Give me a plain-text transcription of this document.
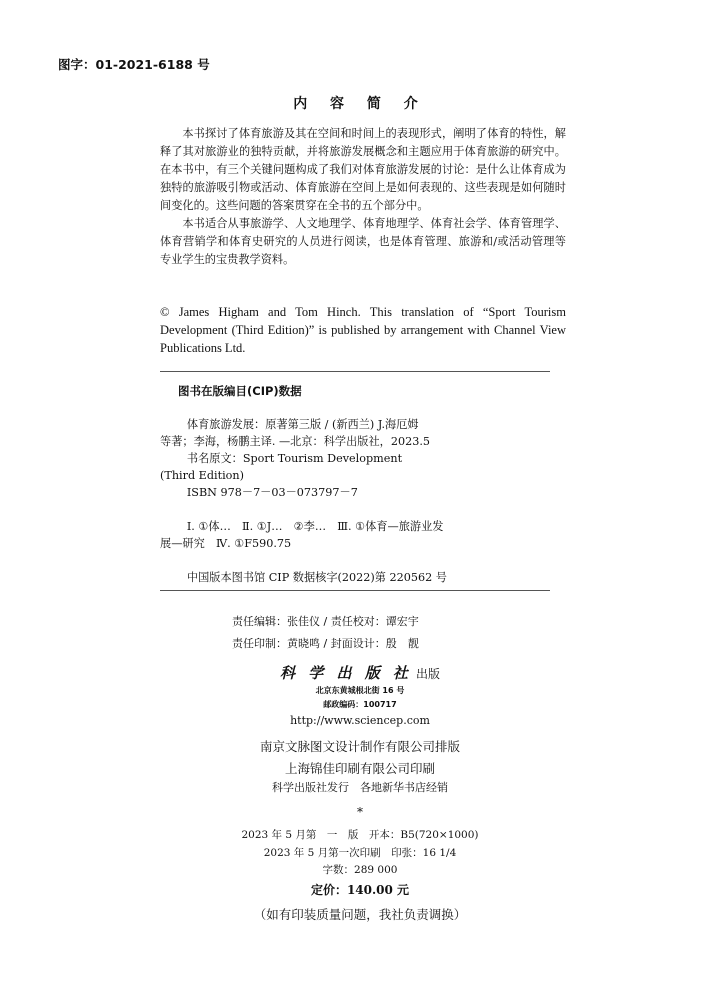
图字：01-2021-6188 号
内 容 简 介

本书探讨了体育旅游及其在空间和时间上的表现形式，阐明了体育的特性，解释了其对旅游业的独特贡献，并将旅游发展概念和主题应用于体育旅游的研究中。在本书中，有三个关键问题构成了我们对体育旅游发展的讨论：是什么让体育成为独特的旅游吸引物或活动、体育旅游在空间上是如何表现的、这些表现是如何随时间变化的。这些问题的答案贯穿在全书的五个部分中。

本书适合从事旅游学、人文地理学、体育地理学、体育社会学、体育管理学、体育营销学和体育史研究的人员进行阅读，也是体育管理、旅游和/或活动管理等专业学生的宝贵教学资料。

© James Higham and Tom Hinch. This translation of “Sport Tourism Development (Third Edition)” is published by arrangement with Channel View Publications Ltd.
图书在版编目(CIP)数据

体育旅游发展：原著第三版 / (新西兰) J.海厄姆

等著；李海，杨鹏主译. —北京：科学出版社，2023.5

书名原文：Sport Tourism Development

(Third Edition)

ISBN 978－7－03－073797－7

Ⅰ. ①体…　Ⅱ. ①J…　②李…　Ⅲ. ①体育—旅游业发

展—研究　Ⅳ. ①F590.75

中国版本图书馆 CIP 数据核字(2022)第 220562 号

责任编辑：张佳仪 / 责任校对：谭宏宇
责任印制：黄晓鸣 / 封面设计：殷　靓
科 学 出 版 社 出版
北京东黄城根北街 16 号
邮政编码：100717
http://www.sciencep.com
南京文脉图文设计制作有限公司排版
上海锦佳印刷有限公司印刷
科学出版社发行　各地新华书店经销
*
2023 年 5 月第　一　版　开本：B5(720×1000)
2023 年 5 月第一次印刷　印张：16 1/4
字数：289 000
定价：140.00 元
（如有印装质量问题，我社负责调换）
